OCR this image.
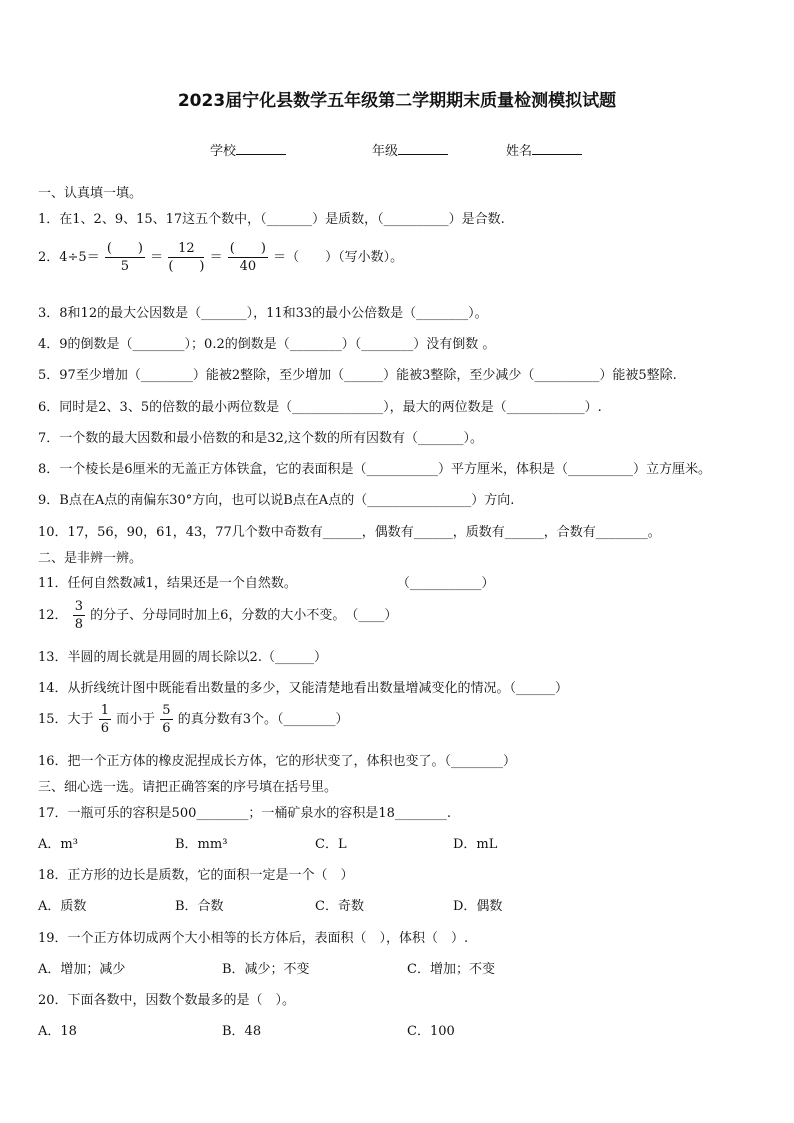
2023届宁化县数学五年级第二学期期末质量检测模拟试题
学校	年级	姓名
一、认真填一填。
1．在1、2、9、15、17这五个数中，（_______）是质数，（__________）是合数.
2．$4\div 5= \frac{( )}{5} = \frac{12}{( )} = \frac{( )}{40}$ ＝（　　）（写小数）。
3．8和12的最大公因数是（_______），11和33的最小公倍数是（________）。
4．9的倒数是（________）；0.2的倒数是（________）（________）没有倒数 。
5．97至少增加（________）能被2整除，至少增加（______）能被3整除，至少减少（__________）能被5整除.
6．同时是2、3、5的倍数的最小两位数是（______________），最大的两位数是（____________）.
7．一个数的最大因数和最小倍数的和是32,这个数的所有因数有（_______）。
8．一个棱长是6厘米的无盖正方体铁盒，它的表面积是（___________）平方厘米，体积是（__________）立方厘米。
9．B点在A点的南偏东30°方向，也可以说B点在A点的（________________）方向.
10．17，56，90，61，43，77几个数中奇数有______，偶数有______，质数有______，合数有________。
二、是非辨一辨。
11．任何自然数减1，结果还是一个自然数。	（___________）
12． $\frac{3}{8}$ 的分子、分母同时加上6，分数的大小不变。　（____）
13．半圆的周长就是用圆的周长除以2.（______）
14．从折线统计图中既能看出数量的多少，又能清楚地看出数量增减变化的情况。（______）
15．大于 $\frac{1}{6}$ 而小于 $\frac{5}{6}$ 的真分数有3个。（________）
16．把一个正方体的橡皮泥捏成长方体，它的形状变了，体积也变了。（________）
三、细心选一选。请把正确答案的序号填在括号里。
17．一瓶可乐的容积是500________；一桶矿泉水的容积是18________.
A．m³	B．mm³	C．L	D．mL
18．正方形的边长是质数，它的面积一定是一个（　）
A．质数	B．合数	C．奇数	D．偶数
19．一个正方体切成两个大小相等的长方体后，表面积（　），体积（　）.
A．增加；减少	B．减少；不变	C．增加；不变
20．下面各数中，因数个数最多的是（　）。
A．18	B．48	C．100
